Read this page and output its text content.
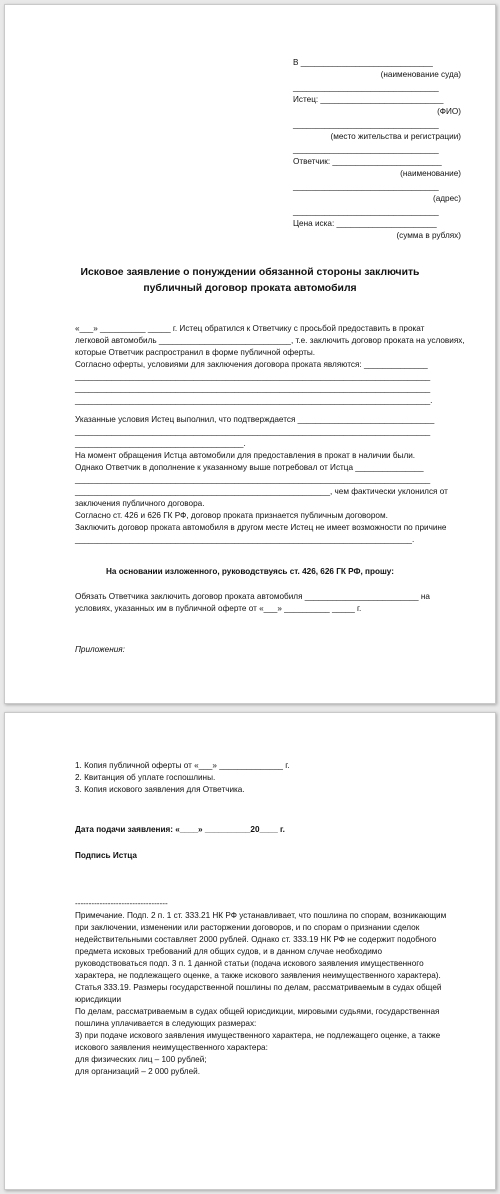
В _____________________________
(наименование суда)
________________________________
Истец: ___________________________
(ФИО)
________________________________
(место жительства и регистрации)
________________________________
Ответчик: ________________________
(наименование)
________________________________
(адрес)
________________________________
Цена иска: ______________________
(сумма в рублях)
Исковое заявление о понуждении обязанной стороны заключить
публичный договор проката автомобиля
«___» __________ _____ г. Истец обратился к Ответчику с просьбой предоставить в прокат
легковой автомобиль _____________________________, т.е. заключить договор проката на условиях,
которые Ответчик распространил в форме публичной оферты.
Согласно оферты, условиями для заключения договора проката являются: ______________
______________________________________________________________________________
______________________________________________________________________________
______________________________________________________________________________.
Указанные условия Истец выполнил, что подтверждается ______________________________
______________________________________________________________________________
_____________________________________.
На момент обращения Истца автомобили для предоставления в прокат в наличии были.
Однако Ответчик в дополнение к указанному выше потребовал от Истца _______________
______________________________________________________________________________
________________________________________________________, чем фактически уклонился от
заключения публичного договора.
Согласно ст. 426 и 626 ГК РФ, договор проката признается публичным договором.
Заключить договор проката автомобиля в другом месте Истец не имеет возможности по причине
__________________________________________________________________________.
На основании изложенного, руководствуясь ст. 426, 626 ГК РФ, прошу:
Обязать Ответчика заключить договор проката автомобиля _________________________ на
условиях, указанных им в публичной оферте от «___» __________ _____ г.
Приложения:
1. Копия публичной оферты от «___» ______________ г.
2. Квитанция об уплате госпошлины.
3. Копия искового заявления для Ответчика.
Дата подачи заявления: «____» __________20____ г.
Подпись Истца
----------------------------------
Примечание. Подп. 2 п. 1 ст. 333.21 НК РФ устанавливает, что пошлина по спорам, возникающим
при заключении, изменении или расторжении договоров, и по спорам о признании сделок
недействительными составляет 2000 рублей. Однако ст. 333.19 НК РФ не содержит подобного
предмета исковых требований для общих судов, и в данном случае необходимо
руководствоваться подп. 3 п. 1 данной статьи (подача искового заявления имущественного
характера, не подлежащего оценке, а также искового заявления неимущественного характера).
Статья 333.19. Размеры государственной пошлины по делам, рассматриваемым в судах общей
юрисдикции
По делам, рассматриваемым в судах общей юрисдикции, мировыми судьями, государственная
пошлина уплачивается в следующих размерах:
3) при подаче искового заявления имущественного характера, не подлежащего оценке, а также
искового заявления неимущественного характера:
для физических лиц – 100 рублей;
для организаций – 2 000 рублей.
